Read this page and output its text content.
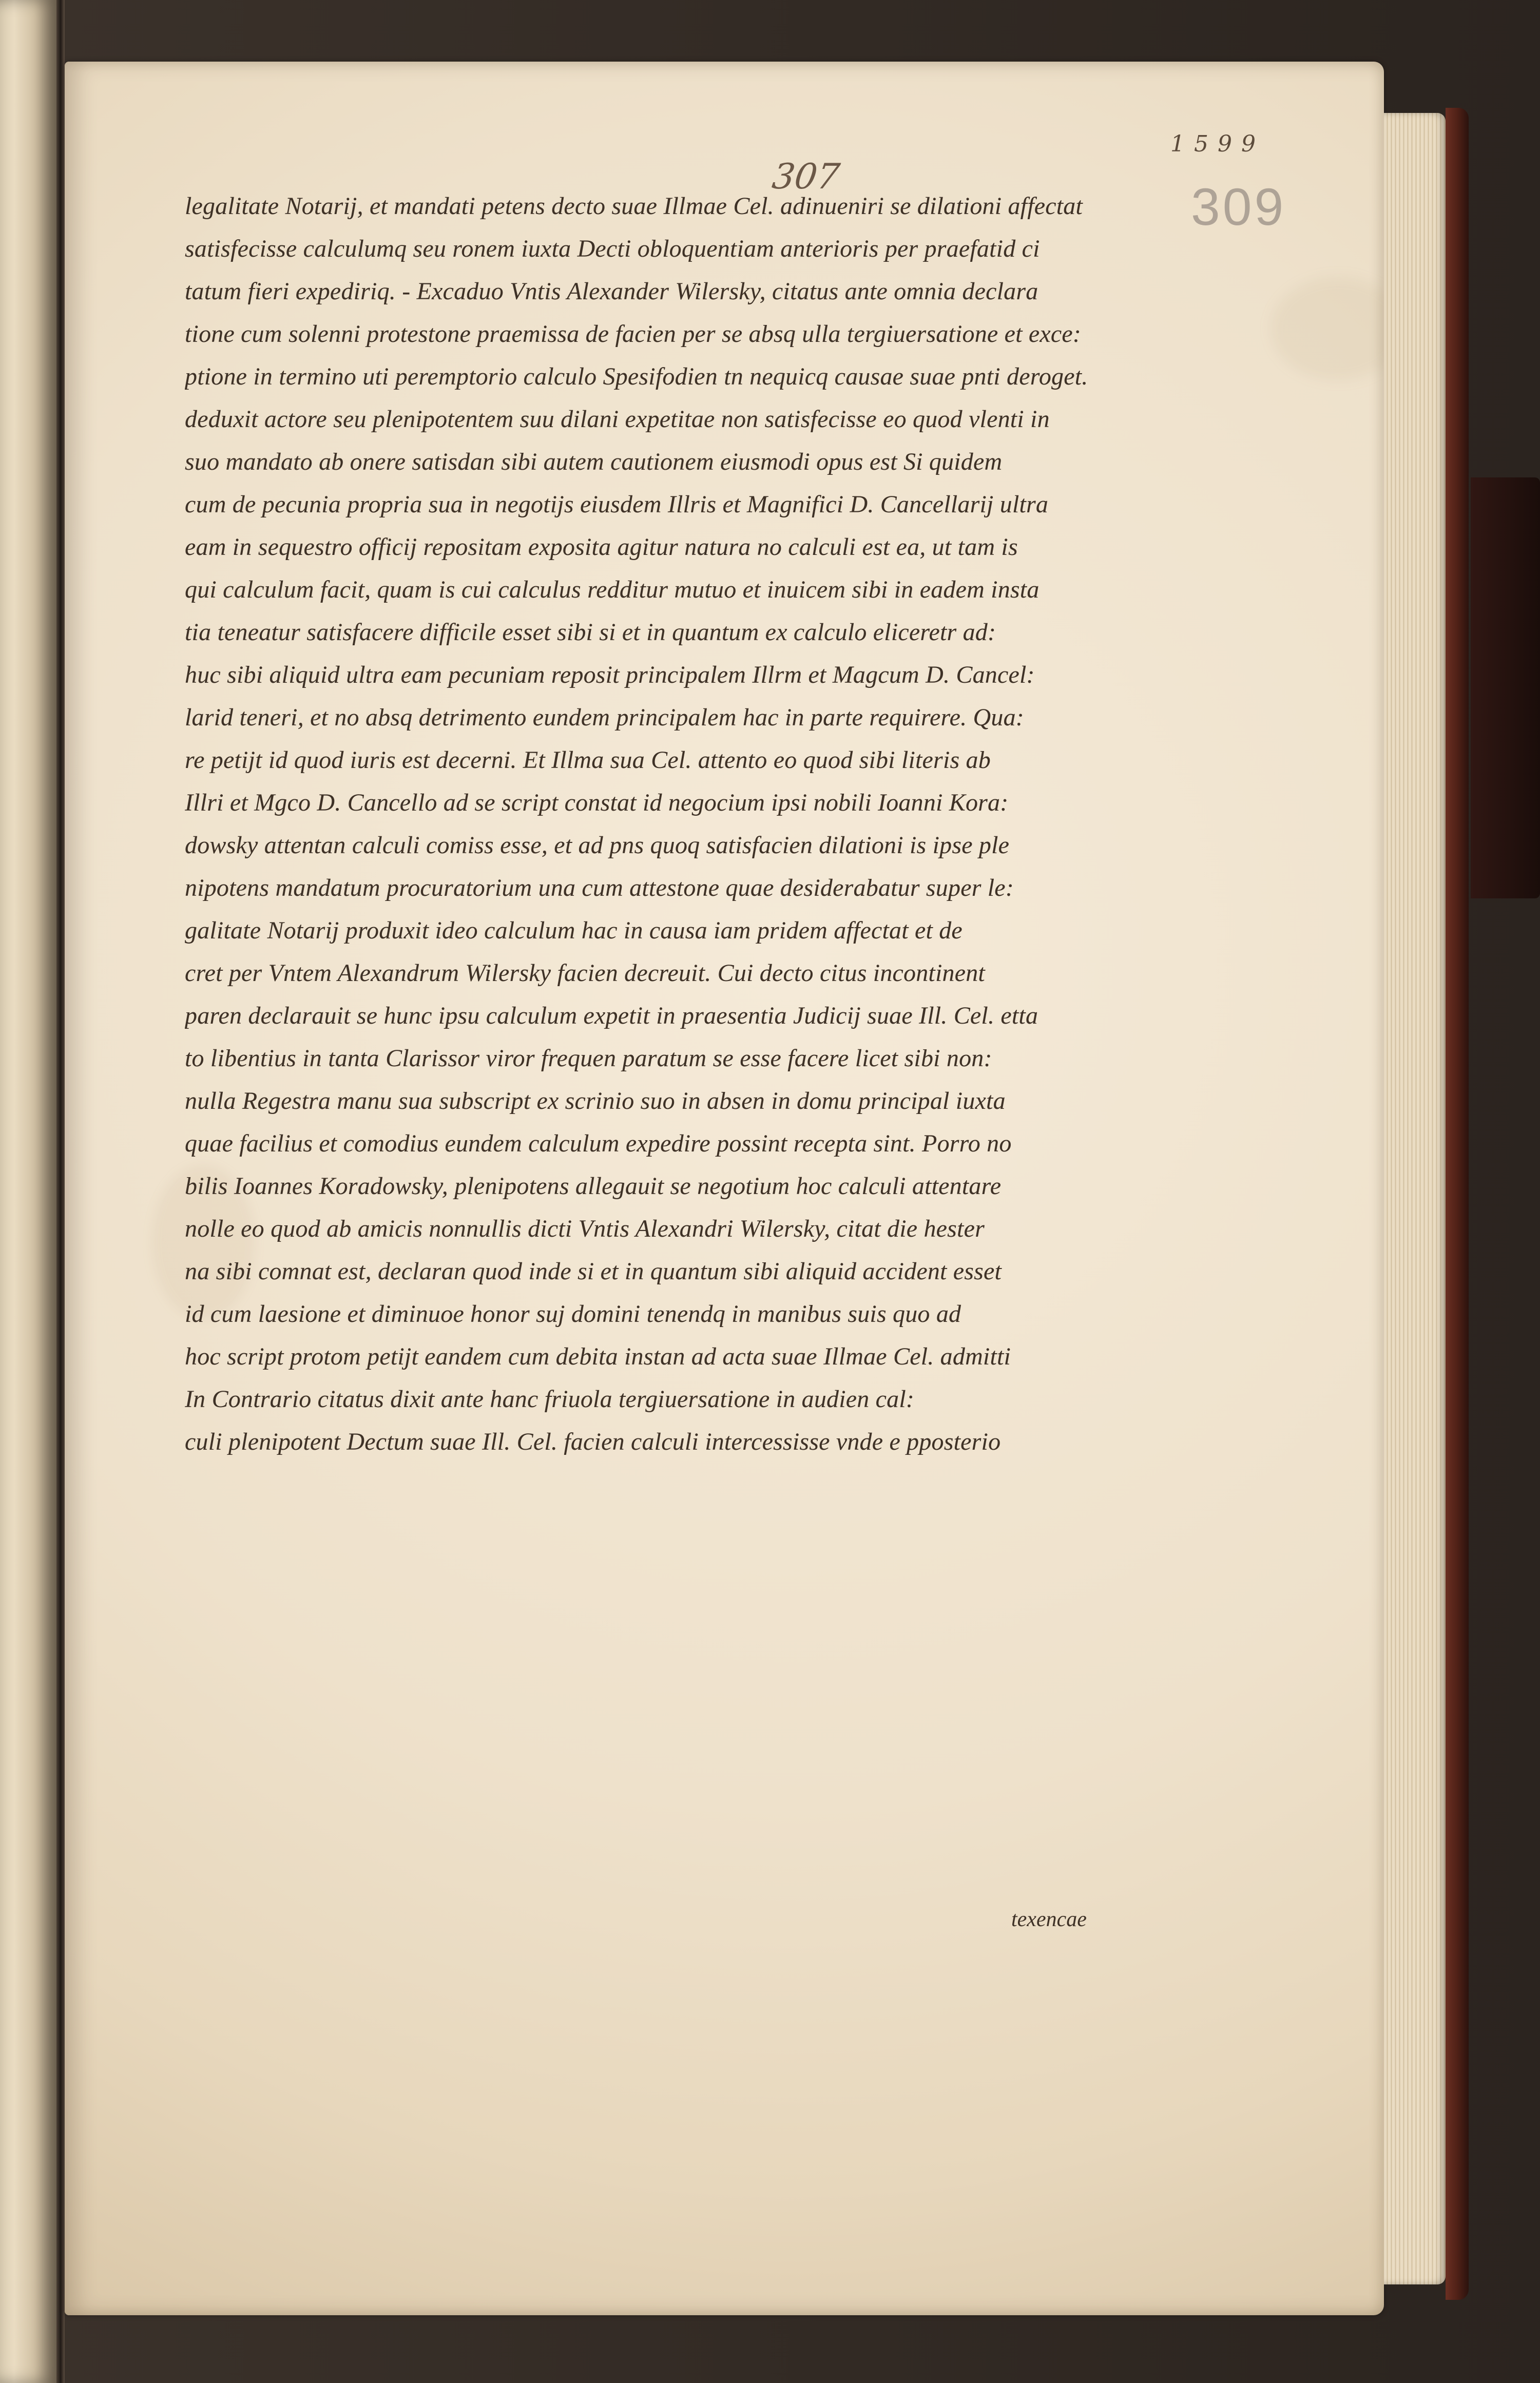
1599
307
309
legalitate Notarij, et mandati petens decto suae Illmae Cel. adinueniri se dilationi affectat
satisfecisse calculumq seu ronem iuxta Decti obloquentiam anterioris per praefatid ci
tatum fieri expediriq. - Excaduo Vntis Alexander Wilersky, citatus ante omnia declara
tione cum solenni protestone praemissa de facien per se absq ulla tergiuersatione et exce:
ptione in termino uti peremptorio calculo Spesifodien tn nequicq causae suae pnti deroget.
deduxit actore seu plenipotentem suu dilani expetitae non satisfecisse eo quod vlenti in
suo mandato ab onere satisdan sibi autem cautionem eiusmodi opus est Si quidem
cum de pecunia propria sua in negotijs eiusdem Illris et Magnifici D. Cancellarij ultra
eam in sequestro officij repositam exposita agitur natura no calculi est ea, ut tam is
qui calculum facit, quam is cui calculus redditur mutuo et inuicem sibi in eadem insta
tia teneatur satisfacere difficile esset sibi si et in quantum ex calculo eliceretr ad:
huc sibi aliquid ultra eam pecuniam reposit principalem Illrm et Magcum D. Cancel:
larid teneri, et no absq detrimento eundem principalem hac in parte requirere. Qua:
re petijt id quod iuris est decerni. Et Illma sua Cel. attento eo quod sibi literis ab
Illri et Mgco D. Cancello ad se script constat id negocium ipsi nobili Ioanni Kora:
dowsky attentan calculi comiss esse, et ad pns quoq satisfacien dilationi is ipse ple
nipotens mandatum procuratorium una cum attestone quae desiderabatur super le:
galitate Notarij produxit ideo calculum hac in causa iam pridem affectat et de
cret per Vntem Alexandrum Wilersky facien decreuit. Cui decto citus incontinent
paren declarauit se hunc ipsu calculum expetit in praesentia Judicij suae Ill. Cel. etta
to libentius in tanta Clarissor viror frequen paratum se esse facere licet sibi non:
nulla Regestra manu sua subscript ex scrinio suo in absen in domu principal iuxta
quae facilius et comodius eundem calculum expedire possint recepta sint. Porro no
bilis Ioannes Koradowsky, plenipotens allegauit se negotium hoc calculi attentare
nolle eo quod ab amicis nonnullis dicti Vntis Alexandri Wilersky, citat die hester
na sibi comnat est, declaran quod inde si et in quantum sibi aliquid accident esset
id cum laesione et diminuoe honor suj domini tenendq in manibus suis quo ad
hoc script protom petijt eandem cum debita instan ad acta suae Illmae Cel. admitti
In Contrario citatus dixit ante hanc friuola tergiuersatione in audien cal:
culi plenipotent Dectum suae Ill. Cel. facien calculi intercessisse vnde e pposterio
texencae
